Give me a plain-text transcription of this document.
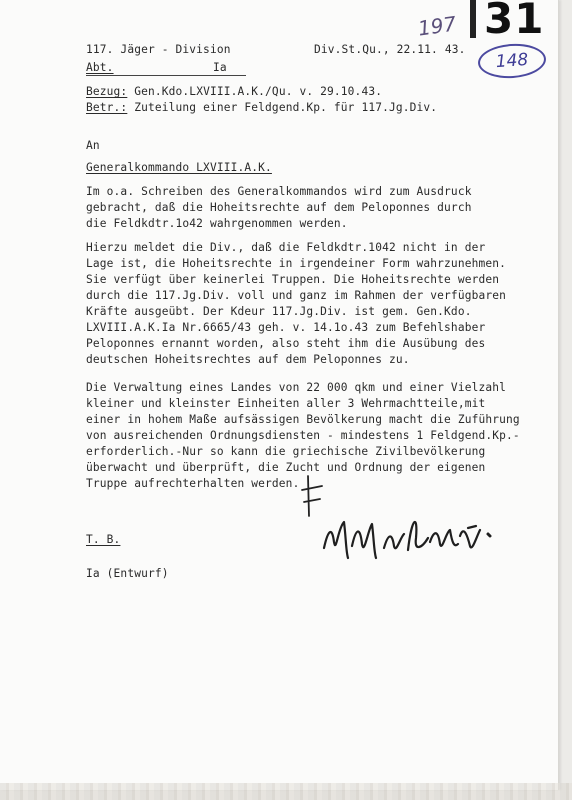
197 31
148
117. Jäger - Division	Div.St.Qu., 22.11. 43.
Abt.	Ia
Bezug: Gen.Kdo.LXVIII.A.K./Qu. v. 29.10.43.
Betr.: Zuteilung einer Feldgend.Kp. für 117.Jg.Div.
An
Generalkommando LXVIII.A.K.
Im o.a. Schreiben des Generalkommandos wird zum Ausdruck
gebracht, daß die Hoheitsrechte auf dem Peloponnes durch
die Feldkdtr.1o42 wahrgenommen werden.
Hierzu meldet die Div., daß die Feldkdtr.1042 nicht in der
Lage ist, die Hoheitsrechte in irgendeiner Form wahrzunehmen.
Sie verfügt über keinerlei Truppen. Die Hoheitsrechte werden
durch die 117.Jg.Div. voll und ganz im Rahmen der verfügbaren
Kräfte ausgeübt. Der Kdeur 117.Jg.Div. ist gem. Gen.Kdo.
LXVIII.A.K.Ia Nr.6665/43 geh. v. 14.1o.43 zum Befehlshaber
Peloponnes ernannt worden, also steht ihm die Ausübung des
deutschen Hoheitsrechtes auf dem Peloponnes zu.
Die Verwaltung eines Landes von 22 000 qkm und einer Vielzahl
kleiner und kleinster Einheiten aller 3 Wehrmachtteile,mit
einer in hohem Maße aufsässigen Bevölkerung macht die Zuführung
von ausreichenden Ordnungsdiensten - mindestens 1 Feldgend.Kp.-
erforderlich.-Nur so kann die griechische Zivilbevölkerung
überwacht und überprüft, die Zucht und Ordnung der eigenen
Truppe aufrechterhalten werden.
T. B.
Ia (Entwurf)
